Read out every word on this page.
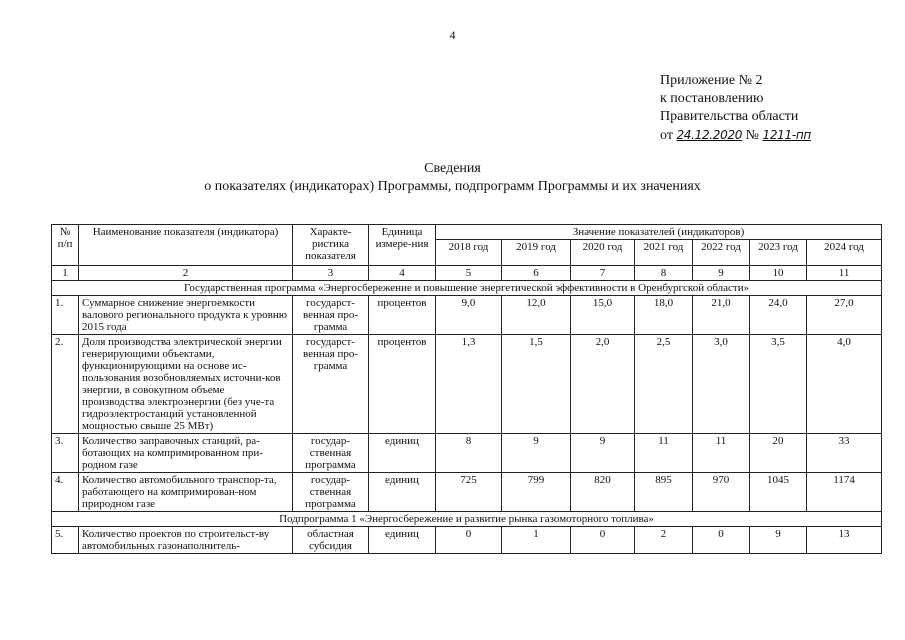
4
Приложение № 2
к постановлению
Правительства области
от 24.12.2020 № 1211-пп
Сведения
о показателях (индикаторах) Программы, подпрограмм Программы и их значениях
№ п/п	Наименование показателя (индикатора)	Характе-ристика показателя	Единица измере-ния	Значение показателей (индикаторов)						
				2018 год	2019 год	2020 год	2021 год	2022 год	2023 год	2024 год
1	2	3	4	5	6	7	8	9	10	11
Государственная программа «Энергосбережение и повышение энергетической эффективности в Оренбургской области»										
1.	Суммарное снижение энергоемкости валового регионального продукта к уровню 2015 года	государст-венная про-грамма	процентов	9,0	12,0	15,0	18,0	21,0	24,0	27,0
2.	Доля производства электрической энергии генерирующими объектами, функционирующими на основе ис-пользования возобновляемых источни-ков энергии, в совокупном объеме производства электроэнергии (без уче-та гидроэлектростанций установленной мощностью свыше 25 МВт)	государст-венная про-грамма	процентов	1,3	1,5	2,0	2,5	3,0	3,5	4,0
3.	Количество заправочных станций, ра-ботающих на компримированном при-родном газе	государ-ственная программа	единиц	8	9	9	11	11	20	33
4.	Количество автомобильного транспор-та, работающего на компримирован-ном природном газе	государ-ственная программа	единиц	725	799	820	895	970	1045	1174
Подпрограмма 1 «Энергосбережение и развитие рынка газомоторного топлива»										
5.	Количество проектов по строительст-ву автомобильных газонаполнитель-	областная субсидия	единиц	0	1	0	2	0	9	13
